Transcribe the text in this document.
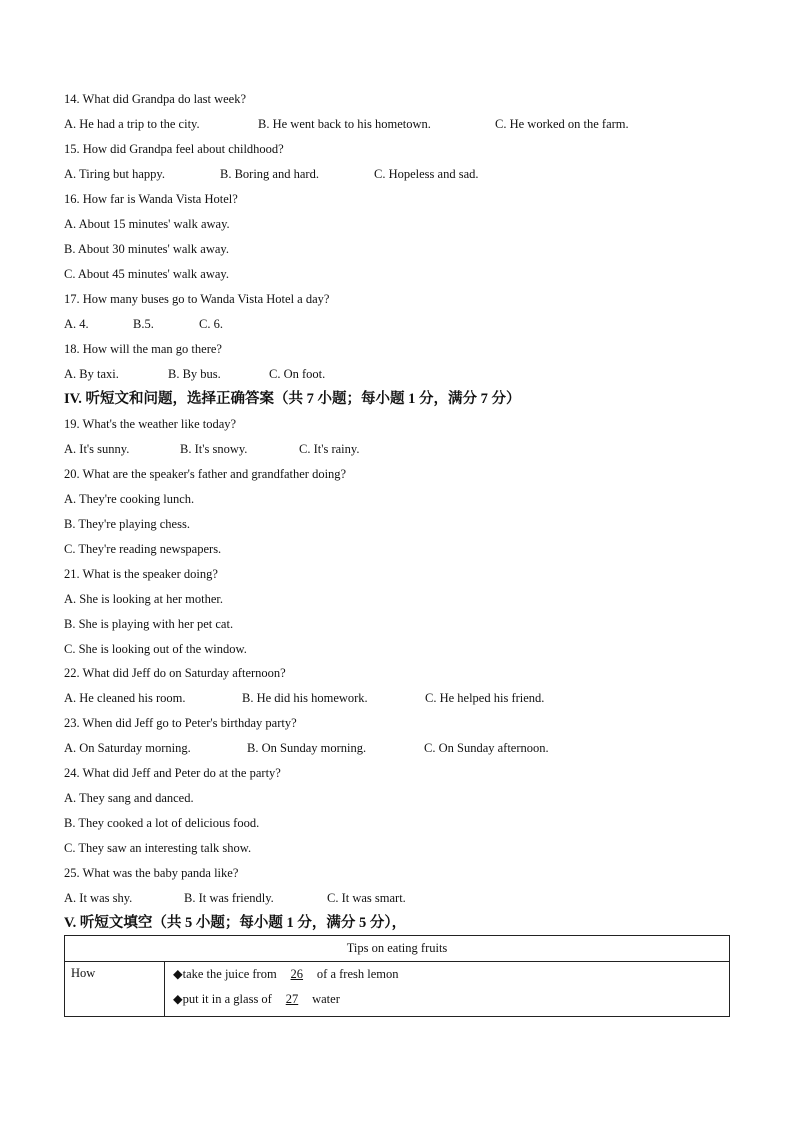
14. What did Grandpa do last week?
A. He had a trip to the city.	B. He went back to his hometown.	C. He worked on the farm.
15. How did Grandpa feel about childhood?
A. Tiring but happy.	B. Boring and hard.	C. Hopeless and sad.
16. How far is Wanda Vista Hotel?
A. About 15 minutes' walk away.
B. About 30 minutes' walk away.
C. About 45 minutes' walk away.
17. How many buses go to Wanda Vista Hotel a day?
A. 4.	B.5.	C. 6.
18. How will the man go there?
A. By taxi.	B. By bus.	C. On foot.
IV. 听短文和问题，选择正确答案（共 7 小题；每小题 1 分，满分 7 分）
19. What's the weather like today?
A. It's sunny.	B. It's snowy.	C. It's rainy.
20. What are the speaker's father and grandfather doing?
A. They're cooking lunch.
B. They're playing chess.
C. They're reading newspapers.
21. What is the speaker doing?
A. She is looking at her mother.
B. She is playing with her pet cat.
C. She is looking out of the window.
22. What did Jeff do on Saturday afternoon?
A. He cleaned his room.	B. He did his homework.	C. He helped his friend.
23. When did Jeff go to Peter's birthday party?
A. On Saturday morning.	B. On Sunday morning.	C. On Sunday afternoon.
24. What did Jeff and Peter do at the party?
A. They sang and danced.
B. They cooked a lot of delicious food.
C. They saw an interesting talk show.
25. What was the baby panda like?
A. It was shy.	B. It was friendly.	C. It was smart.
V. 听短文填空（共 5 小题；每小题 1 分，满分 5 分），
Tips on eating fruits
How	◆take the juice from 26 of a fresh lemon
◆put it in a glass of 27 water
